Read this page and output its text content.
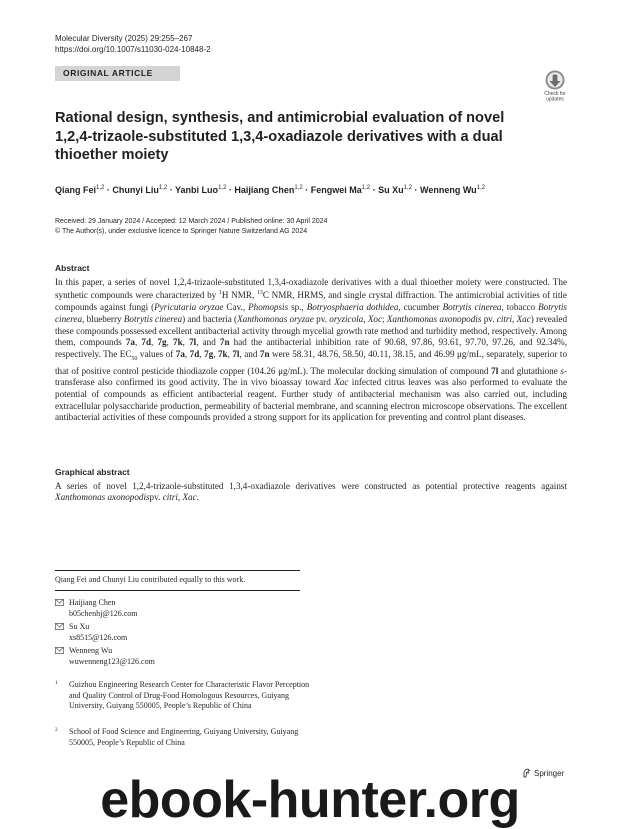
Molecular Diversity (2025) 29:255–267
https://doi.org/10.1007/s11030-024-10848-2
ORIGINAL ARTICLE
Check for
updates
Rational design, synthesis, and antimicrobial evaluation of novel 1,2,4-trizaole-substituted 1,3,4-oxadiazole derivatives with a dual thioether moiety
Qiang Fei$^{1,2}$ · Chunyi Liu$^{1,2}$ · Yanbi Luo$^{1,2}$ · Haijiang Chen$^{1,2}$ · Fengwei Ma$^{1,2}$ · Su Xu$^{1,2}$ · Wenneng Wu$^{1,2}$
Received: 29 January 2024 / Accepted: 12 March 2024 / Published online: 30 April 2024
© The Author(s), under exclusive licence to Springer Nature Switzerland AG 2024
Abstract
In this paper, a series of novel 1,2,4-trizaole-substituted 1,3,4-oxadiazole derivatives with a dual thioether moiety were constructed. The synthetic compounds were characterized by $^1$H NMR, $^{13}$C NMR, HRMS, and single crystal diffraction. The antimicrobial activities of title compounds against fungi (Pyricutaria oryzae Cav., Phomopsis sp., Botryosphaeria dothidea, cucumber Botrytis cinerea, tobacco Botrytis cinerea, blueberry Botrytis cinerea) and bacteria (Xanthomonas oryzae pv. oryzicola, Xoc; Xanthomonas axonopodis pv. citri, Xac) revealed these compounds possessed excellent antibacterial activity through mycelial growth rate method and turbidity method, respectively. Among them, compounds 7a, 7d, 7g, 7k, 7l, and 7n had the antibacterial inhibition rate of 90.68, 97.86, 93.61, 97.70, 97.26, and 92.34%, respectively. The $EC_{50}$ values of 7a, 7d, 7g, 7k, 7l, and 7n were 58.31, 48.76, 58.50, 40.11, 38.15, and 46.99 μg/mL, separately, superior to that of positive control pesticide thiodiazole copper (104.26 μg/mL). The molecular docking simulation of compound 7l and glutathione s-transferase also confirmed its good activity. The in vivo bioassay toward Xac infected citrus leaves was also performed to evaluate the potential of compounds as efficient antibacterial reagent. Further study of antibacterial mechanism was also carried out, including extracellular polysaccharide production, permeability of bacterial membrane, and scanning electron microscope observations. The excellent antibacterial activities of these compounds provided a strong support for its application for preventing and control plant diseases.
Graphical abstract
A series of novel 1,2,4-trizaole-substituted 1,3,4-oxadiazole derivatives were constructed as potential protective reagents against Xanthomonas axonopodispv. citri, Xac.
Qiang Fei and Chunyi Liu contributed equally to this work.
Haijiang Chen
b05chenhj@126.com
Su Xu
xs8515@126.com
Wenneng Wu
wuwenneng123@126.com
1 Guizhou Engineering Research Center for Characteristic Flavor Perception and Quality Control of Drug-Food Homologous Resources, Guiyang University, Guiyang 550005, People’s Republic of China
2 School of Food Science and Engineering, Guiyang University, Guiyang 550005, People’s Republic of China
Springer
ebook-hunter.org
